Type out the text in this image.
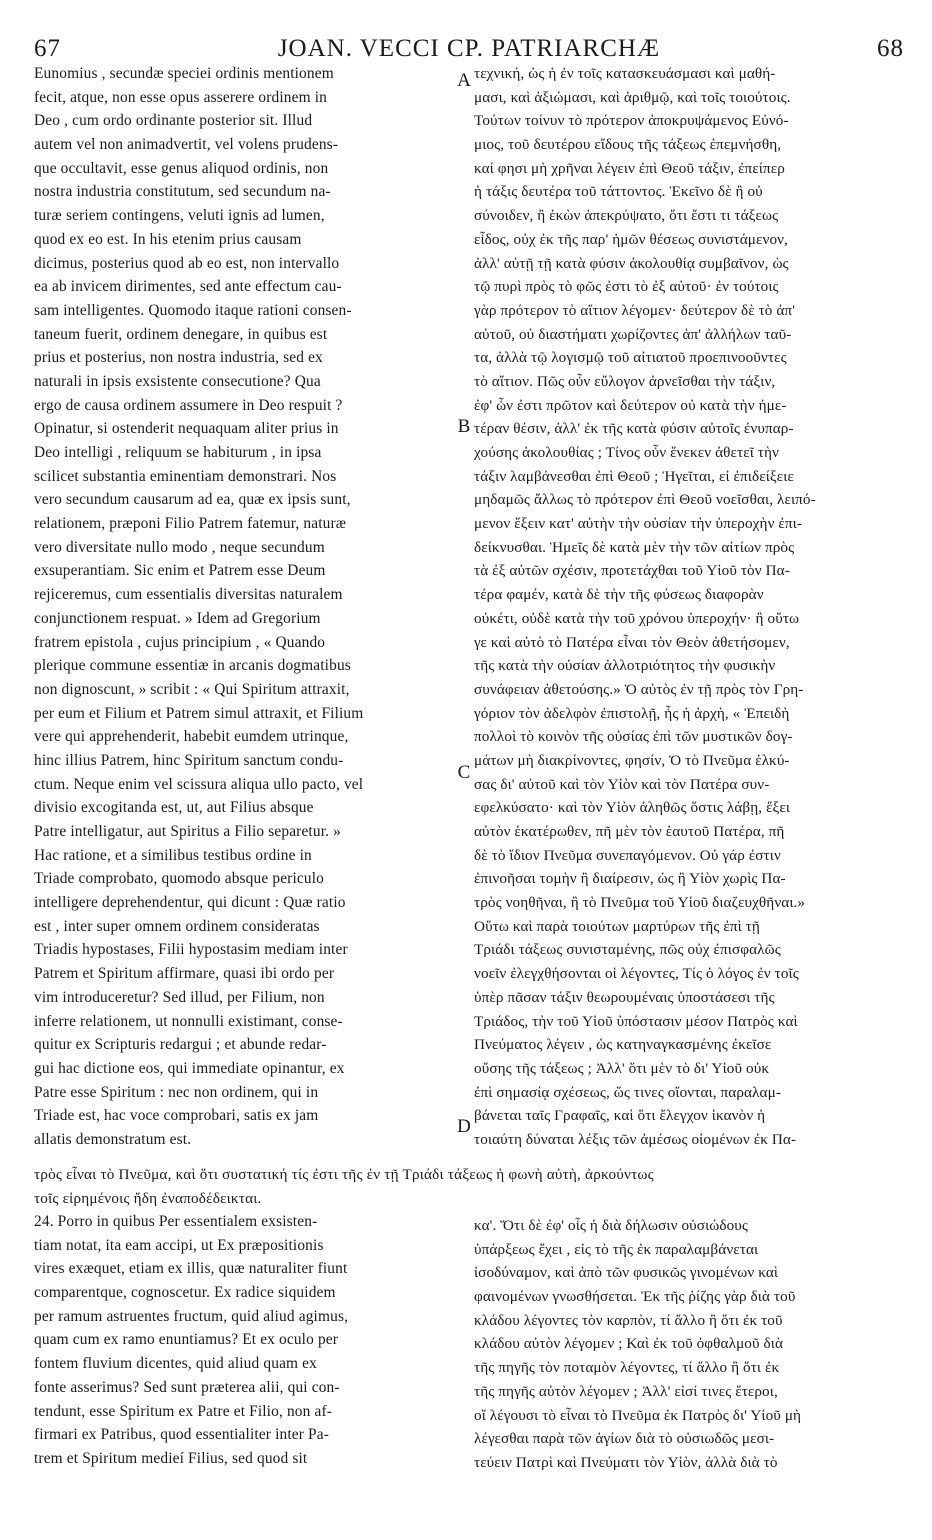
67	JOAN. VECCI CP. PATRIARCHÆ	68
Eunomius , secundæ speciei ordinis mentionem
fecit, atque, non esse opus asserere ordinem in
Deo , cum ordo ordinante posterior sit. Illud
autem vel non animadvertit, vel volens prudens-
que occultavit, esse genus aliquod ordinis, non
nostra industria constitutum, sed secundum na-
turæ seriem contingens, veluti ignis ad lumen,
quod ex eo est. In his etenim prius causam
dicimus, posterius quod ab eo est, non intervallo
ea ab invicem dirimentes, sed ante effectum cau-
sam intelligentes. Quomodo itaque rationi consen-
taneum fuerit, ordinem denegare, in quibus est
prius et posterius, non nostra industria, sed ex
naturali in ipsis exsistente consecutione? Qua
ergo de causa ordinem assumere in Deo respuit ?
Opinatur, si ostenderit nequaquam aliter prius in
Deo intelligi , reliquum se habiturum , in ipsa
scilicet substantia eminentiam demonstrari. Nos
vero secundum causarum ad ea, quæ ex ipsis sunt,
relationem, præponi Filio Patrem fatemur, naturæ
vero diversitate nullo modo , neque secundum
exsuperantiam. Sic enim et Patrem esse Deum
rejiceremus, cum essentialis diversitas naturalem
conjunctionem respuat. » Idem ad Gregorium
fratrem epistola , cujus principium , « Quando
plerique commune essentiæ in arcanis dogmatibus
non dignoscunt, » scribit : « Qui Spiritum attraxit,
per eum et Filium et Patrem simul attraxit, et Filium
vere qui apprehenderit, habebit eumdem utrinque,
hinc illius Patrem, hinc Spiritum sanctum condu-
ctum. Neque enim vel scissura aliqua ullo pacto, vel
divisio excogitanda est, ut, aut Filius absque
Patre intelligatur, aut Spiritus a Filio separetur. »
Hac ratione, et a similibus testibus ordine in
Triade comprobato, quomodo absque periculo
intelligere deprehendentur, qui dicunt : Quæ ratio
est , inter super omnem ordinem consideratas
Triadis hypostases, Filii hypostasim mediam inter
Patrem et Spiritum affirmare, quasi ibi ordo per
vim introduceretur? Sed illud, per Filium, non
inferre relationem, ut nonnulli existimant, conse-
quitur ex Scripturis redargui ; et abunde redar-
gui hac dictione eos, qui immediate opinantur, ex
Patre esse Spiritum : nec non ordinem, qui in
Triade est, hac voce comprobari, satis ex jam
allatis demonstratum est.
τεχνική, ὡς ἡ ἐν τοῖς κατασκευάσμασι καὶ μαθή-
μασι, καὶ ἀξιώμασι, καὶ ἀριθμῷ, καὶ τοῖς τοιούτοις.
Τούτων τοίνυν τὸ πρότερον ἀποκρυψάμενος Εὐνό-
μιος, τοῦ δευτέρου εἴδους τῆς τάξεως ἐπεμνήσθη,
καί φησι μὴ χρῆναι λέγειν ἐπὶ Θεοῦ τάξιν, ἐπείπερ
ἡ τάξις δευτέρα τοῦ τάττοντος. Ἐκεῖνο δὲ ἢ οὐ
σύνοιδεν, ἢ ἑκὼν ἀπεκρύψατο, ὅτι ἔστι τι τάξεως
εἶδος, οὐχ ἐκ τῆς παρ' ἡμῶν θέσεως συνιστάμενον,
ἀλλ' αὐτῇ τῇ κατὰ φύσιν ἀκολουθίᾳ συμβαῖνον, ὡς
τῷ πυρὶ πρὸς τὸ φῶς ἐστι τὸ ἐξ αὐτοῦ· ἐν τούτοις
γὰρ πρότερον τὸ αἴτιον λέγομεν· δεύτερον δὲ τὸ ἀπ'
αὐτοῦ, οὐ διαστήματι χωρίζοντες ἀπ' ἀλλήλων ταῦ-
τα, ἀλλὰ τῷ λογισμῷ τοῦ αἰτιατοῦ προεπινοοῦντες
τὸ αἴτιον. Πῶς οὖν εὔλογον ἀρνεῖσθαι τὴν τάξιν,
ἐφ' ὧν ἐστι πρῶτον καὶ δεύτερον οὐ κατὰ τὴν ἡμε-
τέραν θέσιν, ἀλλ' ἐκ τῆς κατὰ φύσιν αὐτοῖς ἐνυπαρ-
χούσης ἀκολουθίας ; Τίνος οὖν ἕνεκεν ἀθετεῖ τὴν
τάξιν λαμβάνεσθαι ἐπὶ Θεοῦ ; Ἡγεῖται, εἰ ἐπιδείξειε
μηδαμῶς ἄλλως τὸ πρότερον ἐπὶ Θεοῦ νοεῖσθαι, λειπό-
μενον ἕξειν κατ' αὐτὴν τὴν οὐσίαν τὴν ὑπεροχὴν ἐπι-
δείκνυσθαι. Ἡμεῖς δὲ κατὰ μὲν τὴν τῶν αἰτίων πρὸς
τὰ ἐξ αὐτῶν σχέσιν, προτετάχθαι τοῦ Υἱοῦ τὸν Πα-
τέρα φαμέν, κατὰ δὲ τὴν τῆς φύσεως διαφορὰν
οὐκέτι, οὐδὲ κατὰ τὴν τοῦ χρόνου ὑπεροχήν· ἢ οὕτω
γε καὶ αὐτὸ τὸ Πατέρα εἶναι τὸν Θεὸν ἀθετήσομεν,
τῆς κατὰ τὴν οὐσίαν ἀλλοτριότητος τὴν φυσικὴν
συνάφειαν ἀθετούσης.» Ὁ αὐτὸς ἐν τῇ πρὸς τὸν Γρη-
γόριον τὸν ἀδελφὸν ἐπιστολῇ, ἧς ἡ ἀρχὴ, « Ἐπειδὴ
πολλοὶ τὸ κοινὸν τῆς οὐσίας ἐπὶ τῶν μυστικῶν δογ-
μάτων μὴ διακρίνοντες, φησίν, Ὁ τὸ Πνεῦμα ἑλκύ-
σας δι' αὐτοῦ καὶ τὸν Υἱὸν καὶ τὸν Πατέρα συν-
εφελκύσατο· καὶ τὸν Υἱὸν ἀληθῶς ὅστις λάβῃ, ἕξει
αὐτὸν ἑκατέρωθεν, πῆ μὲν τὸν ἑαυτοῦ Πατέρα, πῆ
δὲ τὸ ἴδιον Πνεῦμα συνεπαγόμενον. Οὐ γάρ ἐστιν
ἐπινοῆσαι τομὴν ἢ διαίρεσιν, ὡς ἢ Υἱὸν χωρὶς Πα-
τρὸς νοηθῆναι, ἢ τὸ Πνεῦμα τοῦ Υἱοῦ διαζευχθῆναι.»
Οὕτω καὶ παρὰ τοιούτων μαρτύρων τῆς ἐπὶ τῇ
Τριάδι τάξεως συνισταμένης, πῶς οὐχ ἐπισφαλῶς
νοεῖν ἐλεγχθήσονται οἱ λέγοντες, Τίς ὁ λόγος ἐν τοῖς
ὑπὲρ πᾶσαν τάξιν θεωρουμέναις ὑποστάσεσι τῆς
Τριάδος, τὴν τοῦ Υἱοῦ ὑπόστασιν μέσον Πατρὸς καὶ
Πνεύματος λέγειν , ὡς κατηναγκασμένης ἐκεῖσε
οὔσης τῆς τάξεως ; Ἀλλ' ὅτι μὲν τὸ δι' Υἱοῦ οὐκ
ἐπὶ σημασίᾳ σχέσεως, ὥς τινες οἴονται, παραλαμ-
βάνεται ταῖς Γραφαῖς, καὶ ὅτι ἔλεγχον ἱκανὸν ἡ
τοιαύτη δύναται λέξις τῶν ἀμέσως οἰομένων ἐκ Πα-
τρὸς εἶναι τὸ Πνεῦμα, καὶ ὅτι συστατική τίς ἐστι τῆς ἐν τῇ Τριάδι τάξεως ἡ φωνὴ αὐτὴ, ἀρκούντως
τοῖς εἰρημένοις ἤδη ἐναποδέδεικται.
24. Porro in quibus Per essentialem exsisten-
tiam notat, ita eam accipi, ut Ex præpositionis
vires exæquet, etiam ex illis, quæ naturaliter fiunt
comparentque, cognoscetur. Ex radice siquidem
per ramum astruentes fructum, quid aliud agimus,
quam cum ex ramo enuntiamus? Et ex oculo per
fontem fluvium dicentes, quid aliud quam ex
fonte asserimus? Sed sunt præterea alii, qui con-
tendunt, esse Spiritum ex Patre et Filio, non af-
firmari ex Patribus, quod essentialiter inter Pa-
trem et Spiritum medieí Filius, sed quod sit
κα'. Ὅτι δὲ ἐφ' οἷς ἡ διὰ δήλωσιν οὐσιώδους
ὑπάρξεως ἔχει , εἰς τὸ τῆς ἐκ παραλαμβάνεται
ἰσοδύναμον, καὶ ἀπὸ τῶν φυσικῶς γινομένων καὶ
φαινομένων γνωσθήσεται. Ἐκ τῆς ῥίζης γὰρ διὰ τοῦ
κλάδου λέγοντες τὸν καρπὸν, τί ἄλλο ἢ ὅτι ἐκ τοῦ
κλάδου αὐτὸν λέγομεν ; Καὶ ἐκ τοῦ ὀφθαλμοῦ διὰ
τῆς πηγῆς τὸν ποταμὸν λέγοντες, τί ἄλλο ἢ ὅτι ἐκ
τῆς πηγῆς αὐτὸν λέγομεν ; Ἀλλ' εἰσί τινες ἕτεροι,
οἵ λέγουσι τὸ εἶναι τὸ Πνεῦμα ἐκ Πατρὸς δι' Υἱοῦ μὴ
λέγεσθαι παρὰ τῶν ἁγίων διὰ τὸ οὐσιωδῶς μεσι-
τεύειν Πατρὶ καὶ Πνεύματι τὸν Υἱὸν, ἀλλὰ διὰ τὸ
A
B
C
D
